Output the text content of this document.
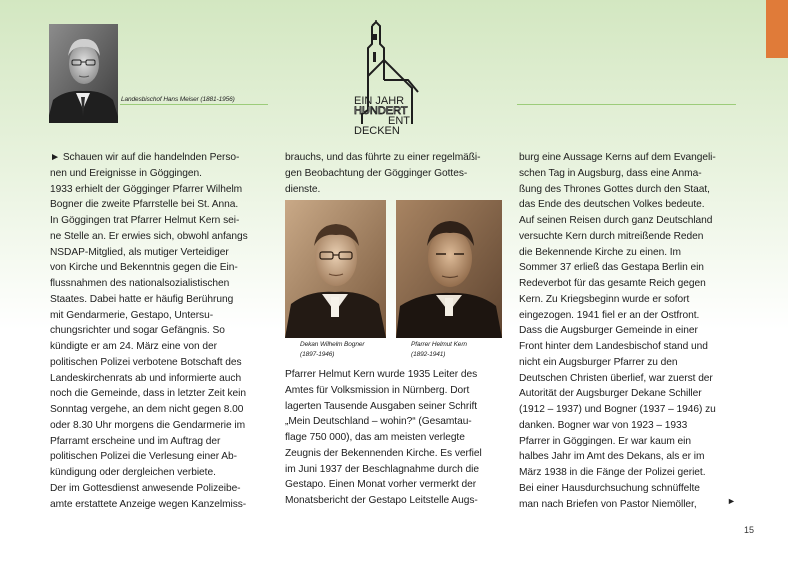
Landesbischof Hans Meiser (1881-1956)	EIN JAHR
HUNDERT
ENT
DECKEN

► Schauen wir auf die handelnden Perso-

nen und Ereignisse in Göggingen.

1933 erhielt der Gögginger Pfarrer Wilhelm

Bogner die zweite Pfarrstelle bei St. Anna.

In Göggingen trat Pfarrer Helmut Kern sei-

ne Stelle an. Er erwies sich, obwohl anfangs

NSDAP-Mitglied, als mutiger Verteidiger

von Kirche und Bekenntnis gegen die Ein-

flussnahmen des nationalsozialistischen

Staates. Dabei hatte er häufig Berührung

mit Gendarmerie, Gestapo, Untersu-

chungsrichter und sogar Gefängnis. So

kündigte er am 24. März eine von der

politischen Polizei verbotene Botschaft des

Landeskirchenrats ab und informierte auch

noch die Gemeinde, dass in letzter Zeit kein

Sonntag vergehe, an dem nicht gegen 8.00

oder 8.30 Uhr morgens die Gendarmerie im

Pfarramt erscheine und im Auftrag der

politischen Polizei die Verlesung einer Ab-

kündigung oder dergleichen verbiete.

Der im Gottesdienst anwesende Polizeibe-

amte erstattete Anzeige wegen Kanzelmiss-

brauchs, und das führte zu einer regelmäßi-

gen Beobachtung der Gögginger Gottes-

dienste.

Dekan Wilhelm Bogner
(1897-1946)
Pfarrer Helmut Kern
(1892-1941)

Pfarrer Helmut Kern wurde 1935 Leiter des

Amtes für Volksmission in Nürnberg. Dort

lagerten Tausende Ausgaben seiner Schrift

„Mein Deutschland – wohin?“ (Gesamtau-

flage 750 000), das am meisten verlegte

Zeugnis der Bekennenden Kirche. Es verfiel

im Juni 1937 der Beschlagnahme durch die

Gestapo. Einen Monat vorher vermerkt der

Monatsbericht der Gestapo Leitstelle Augs-

burg eine Aussage Kerns auf dem Evangeli-

schen Tag in Augsburg, dass eine Anma-

ßung des Thrones Gottes durch den Staat,

das Ende des deutschen Volkes bedeute.

Auf seinen Reisen durch ganz Deutschland

versuchte Kern durch mitreißende Reden

die Bekennende Kirche zu einen. Im

Sommer 37 erließ das Gestapa Berlin ein

Redeverbot für das gesamte Reich gegen

Kern. Zu Kriegsbeginn wurde er sofort

eingezogen. 1941 fiel er an der Ostfront.

Dass die Augsburger Gemeinde in einer

Front hinter dem Landesbischof stand und

nicht ein Augsburger Pfarrer zu den

Deutschen Christen überlief, war zuerst der

Autorität der Augsburger Dekane Schiller

(1912 – 1937) und Bogner (1937 – 1946) zu

danken. Bogner war von 1923 – 1933

Pfarrer in Göggingen. Er war kaum ein

halbes Jahr im Amt des Dekans, als er im

März 1938 in die Fänge der Polizei geriet.

Bei einer Hausdurchsuchung schnüffelte

man nach Briefen von Pastor Niemöller,	►
15
